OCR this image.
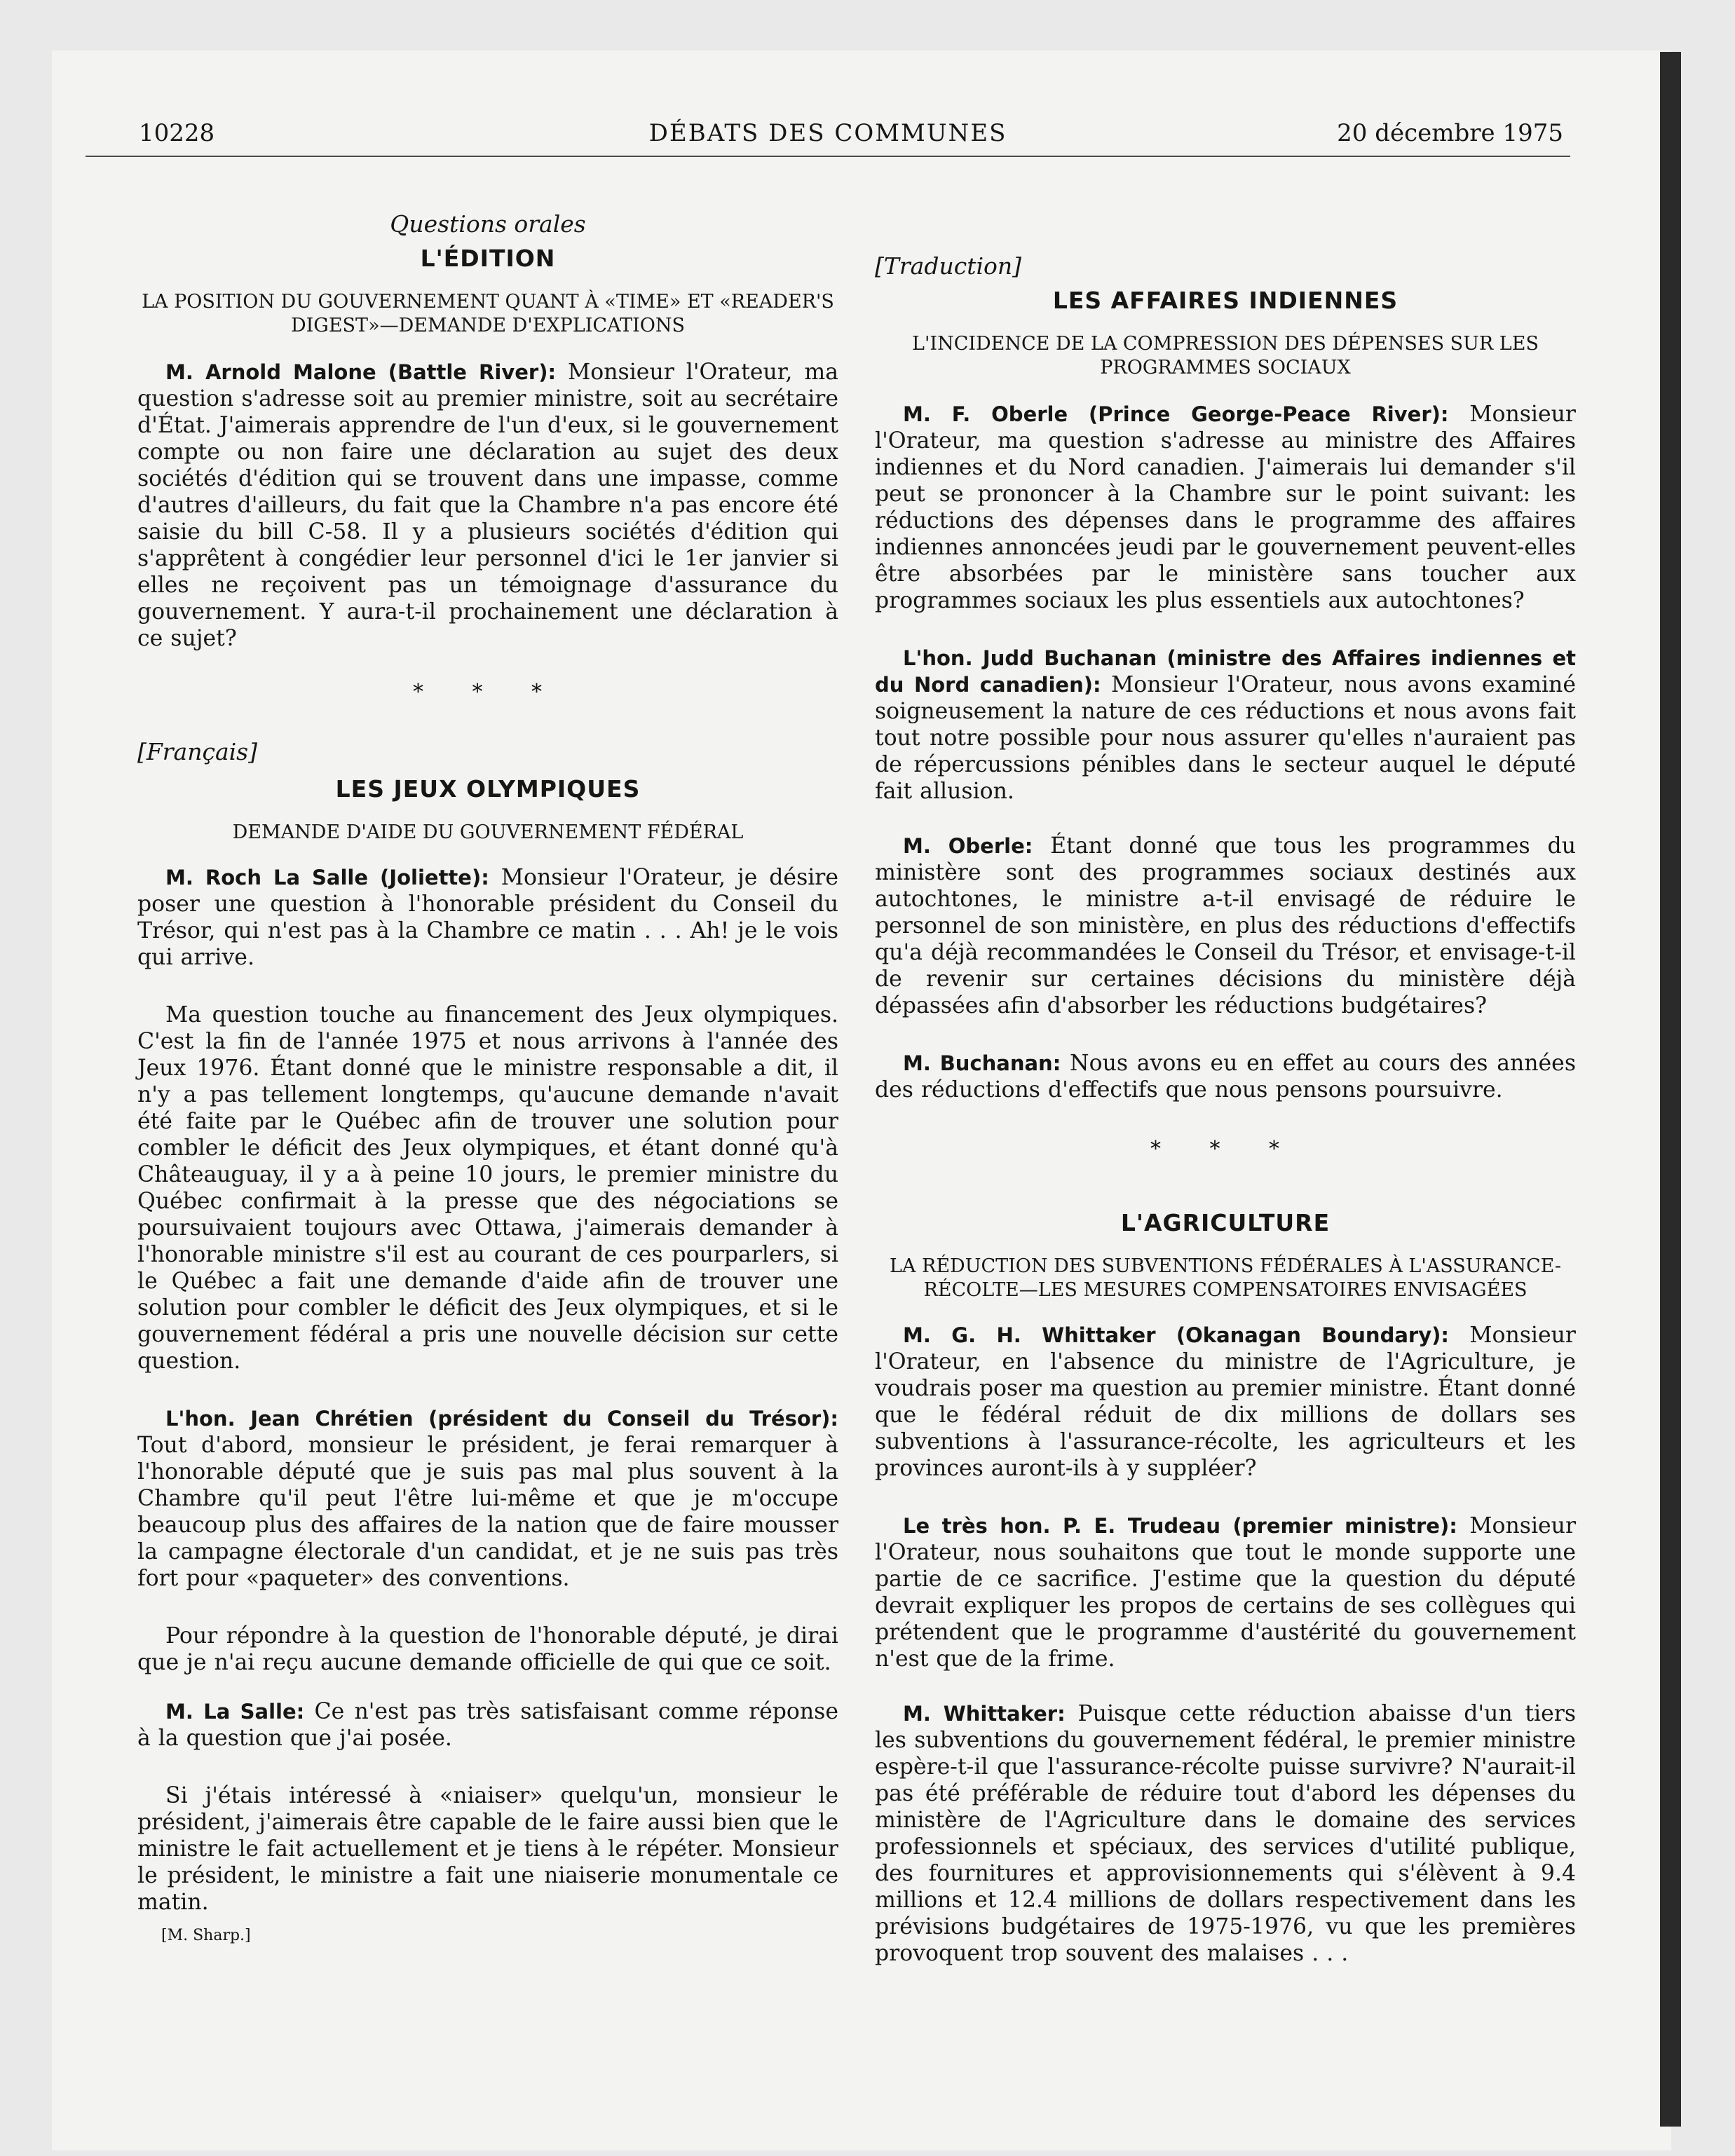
10228	DÉBATS DES COMMUNES	20 décembre 1975

Questions orales

L'ÉDITION

LA POSITION DU GOUVERNEMENT QUANT À «TIME» ET «READER'S DIGEST»—DEMANDE D'EXPLICATIONS

M. Arnold Malone (Battle River): Monsieur l'Orateur, ma question s'adresse soit au premier ministre, soit au secrétaire d'État. J'aimerais apprendre de l'un d'eux, si le gouvernement compte ou non faire une déclaration au sujet des deux sociétés d'édition qui se trouvent dans une impasse, comme d'autres d'ailleurs, du fait que la Chambre n'a pas encore été saisie du bill C-58. Il y a plusieurs sociétés d'édition qui s'apprêtent à congédier leur personnel d'ici le 1er janvier si elles ne reçoivent pas un témoignage d'assurance du gouvernement. Y aura-t-il prochainement une déclaration à ce sujet?

* * *

[Français]

LES JEUX OLYMPIQUES

DEMANDE D'AIDE DU GOUVERNEMENT FÉDÉRAL

M. Roch La Salle (Joliette): Monsieur l'Orateur, je désire poser une question à l'honorable président du Conseil du Trésor, qui n'est pas à la Chambre ce matin . . . Ah! je le vois qui arrive.

Ma question touche au financement des Jeux olympiques. C'est la fin de l'année 1975 et nous arrivons à l'année des Jeux 1976. Étant donné que le ministre responsable a dit, il n'y a pas tellement longtemps, qu'aucune demande n'avait été faite par le Québec afin de trouver une solution pour combler le déficit des Jeux olympiques, et étant donné qu'à Châteauguay, il y a à peine 10 jours, le premier ministre du Québec confirmait à la presse que des négociations se poursuivaient toujours avec Ottawa, j'aimerais demander à l'honorable ministre s'il est au courant de ces pourparlers, si le Québec a fait une demande d'aide afin de trouver une solution pour combler le déficit des Jeux olympiques, et si le gouvernement fédéral a pris une nouvelle décision sur cette question.

L'hon. Jean Chrétien (président du Conseil du Trésor): Tout d'abord, monsieur le président, je ferai remarquer à l'honorable député que je suis pas mal plus souvent à la Chambre qu'il peut l'être lui-même et que je m'occupe beaucoup plus des affaires de la nation que de faire mousser la campagne électorale d'un candidat, et je ne suis pas très fort pour «paqueter» des conventions.

Pour répondre à la question de l'honorable député, je dirai que je n'ai reçu aucune demande officielle de qui que ce soit.

M. La Salle: Ce n'est pas très satisfaisant comme réponse à la question que j'ai posée.

Si j'étais intéressé à «niaiser» quelqu'un, monsieur le président, j'aimerais être capable de le faire aussi bien que le ministre le fait actuellement et je tiens à le répéter. Monsieur le président, le ministre a fait une niaiserie monumentale ce matin.

[M. Sharp.]

[Traduction]

LES AFFAIRES INDIENNES

L'INCIDENCE DE LA COMPRESSION DES DÉPENSES SUR LES PROGRAMMES SOCIAUX

M. F. Oberle (Prince George-Peace River): Monsieur l'Orateur, ma question s'adresse au ministre des Affaires indiennes et du Nord canadien. J'aimerais lui demander s'il peut se prononcer à la Chambre sur le point suivant: les réductions des dépenses dans le programme des affaires indiennes annoncées jeudi par le gouvernement peuvent-elles être absorbées par le ministère sans toucher aux programmes sociaux les plus essentiels aux autochtones?

L'hon. Judd Buchanan (ministre des Affaires indiennes et du Nord canadien): Monsieur l'Orateur, nous avons examiné soigneusement la nature de ces réductions et nous avons fait tout notre possible pour nous assurer qu'elles n'auraient pas de répercussions pénibles dans le secteur auquel le député fait allusion.

M. Oberle: Étant donné que tous les programmes du ministère sont des programmes sociaux destinés aux autochtones, le ministre a-t-il envisagé de réduire le personnel de son ministère, en plus des réductions d'effectifs qu'a déjà recommandées le Conseil du Trésor, et envisage-t-il de revenir sur certaines décisions du ministère déjà dépassées afin d'absorber les réductions budgétaires?

M. Buchanan: Nous avons eu en effet au cours des années des réductions d'effectifs que nous pensons poursuivre.

* * *
L'AGRICULTURE

LA RÉDUCTION DES SUBVENTIONS FÉDÉRALES À L'ASSURANCE-RÉCOLTE—LES MESURES COMPENSATOIRES ENVISAGÉES

M. G. H. Whittaker (Okanagan Boundary): Monsieur l'Orateur, en l'absence du ministre de l'Agriculture, je voudrais poser ma question au premier ministre. Étant donné que le fédéral réduit de dix millions de dollars ses subventions à l'assurance-récolte, les agriculteurs et les provinces auront-ils à y suppléer?

Le très hon. P. E. Trudeau (premier ministre): Monsieur l'Orateur, nous souhaitons que tout le monde supporte une partie de ce sacrifice. J'estime que la question du député devrait expliquer les propos de certains de ses collègues qui prétendent que le programme d'austérité du gouvernement n'est que de la frime.

M. Whittaker: Puisque cette réduction abaisse d'un tiers les subventions du gouvernement fédéral, le premier ministre espère-t-il que l'assurance-récolte puisse survivre? N'aurait-il pas été préférable de réduire tout d'abord les dépenses du ministère de l'Agriculture dans le domaine des services professionnels et spéciaux, des services d'utilité publique, des fournitures et approvisionnements qui s'élèvent à 9.4 millions et 12.4 millions de dollars respectivement dans les prévisions budgétaires de 1975-1976, vu que les premières provoquent trop souvent des malaises . . .
